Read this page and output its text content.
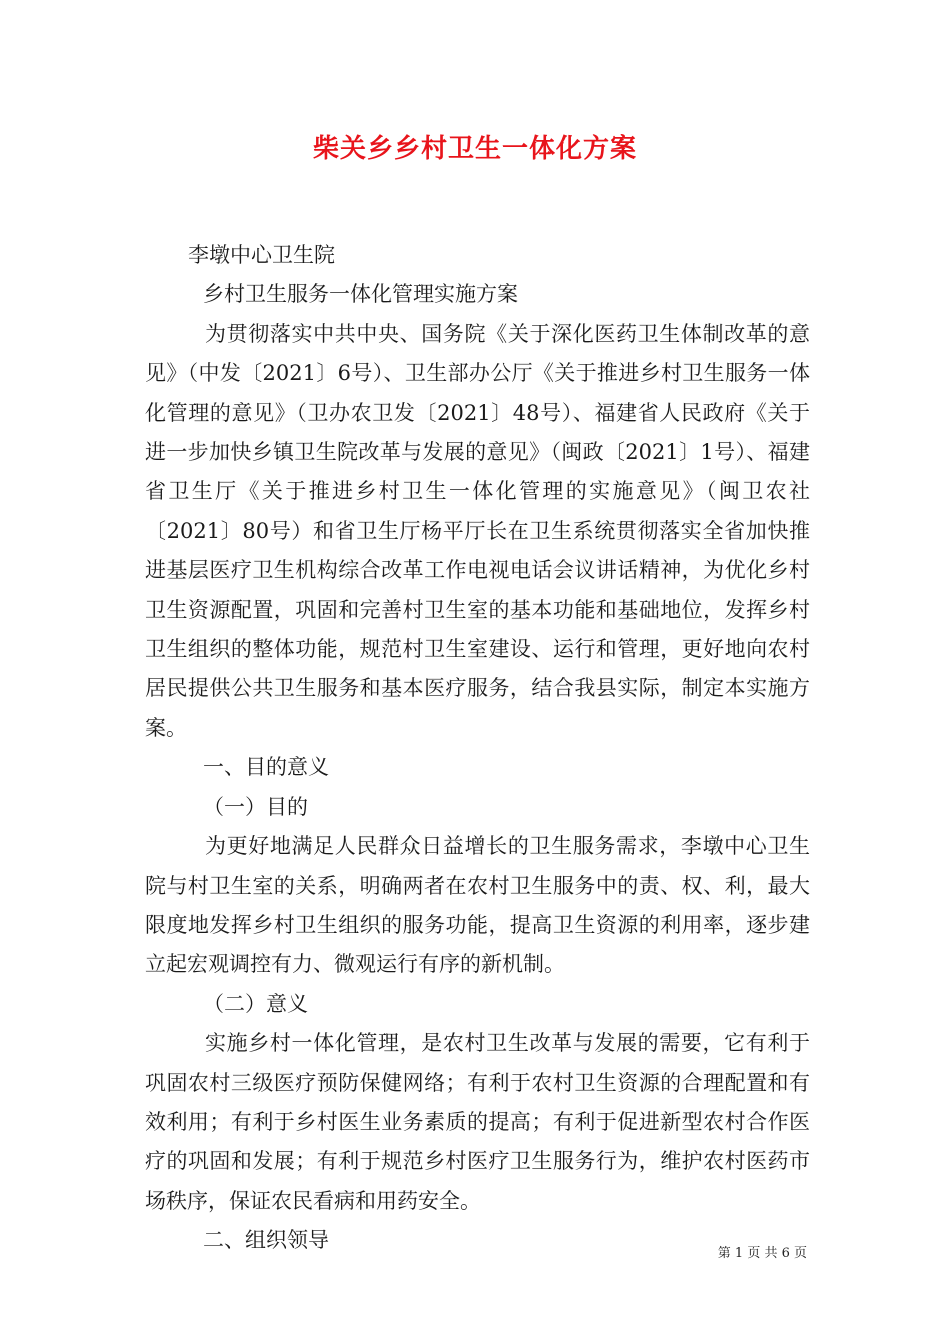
柴关乡乡村卫生一体化方案

李墩中心卫生院

乡村卫生服务一体化管理实施方案

为贯彻落实中共中央、国务院《关于深化医药卫生体制改革的意见》（中发〔2021〕6号）、卫生部办公厅《关于推进乡村卫生服务一体化管理的意见》（卫办农卫发〔2021〕48号）、福建省人民政府《关于进一步加快乡镇卫生院改革与发展的意见》（闽政〔2021〕1号）、福建省卫生厅《关于推进乡村卫生一体化管理的实施意见》（闽卫农社〔2021〕80号）和省卫生厅杨平厅长在卫生系统贯彻落实全省加快推进基层医疗卫生机构综合改革工作电视电话会议讲话精神，为优化乡村卫生资源配置，巩固和完善村卫生室的基本功能和基础地位，发挥乡村卫生组织的整体功能，规范村卫生室建设、运行和管理，更好地向农村居民提供公共卫生服务和基本医疗服务，结合我县实际，制定本实施方案。

一、目的意义

（一）目的

为更好地满足人民群众日益增长的卫生服务需求，李墩中心卫生院与村卫生室的关系，明确两者在农村卫生服务中的责、权、利，最大限度地发挥乡村卫生组织的服务功能，提高卫生资源的利用率，逐步建立起宏观调控有力、微观运行有序的新机制。

（二）意义

实施乡村一体化管理，是农村卫生改革与发展的需要，它有利于巩固农村三级医疗预防保健网络；有利于农村卫生资源的合理配置和有效利用；有利于乡村医生业务素质的提高；有利于促进新型农村合作医疗的巩固和发展；有利于规范乡村医疗卫生服务行为，维护农村医药市场秩序，保证农民看病和用药安全。

二、组织领导

第 1 页 共 6 页
